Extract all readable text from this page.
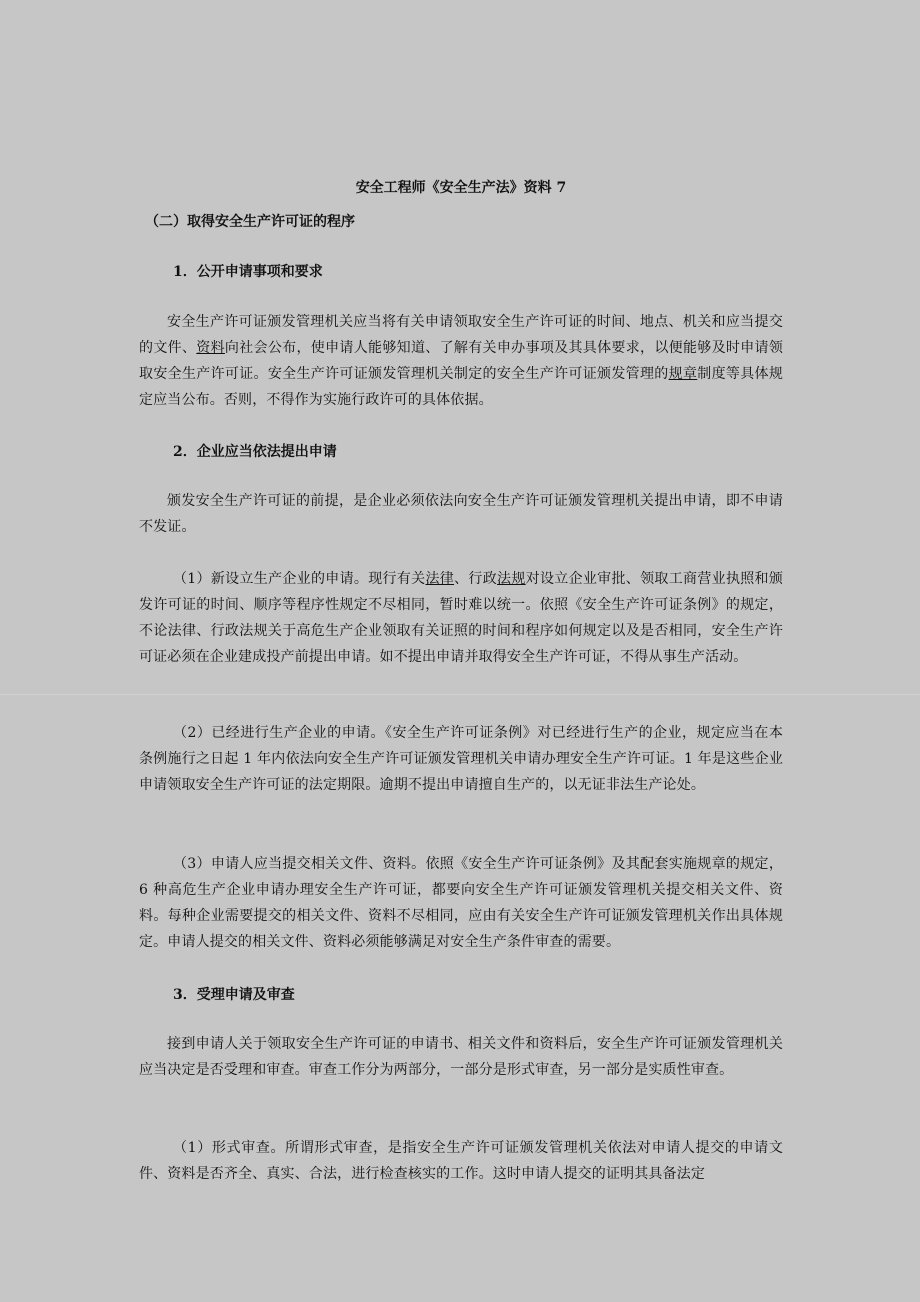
安全工程师《安全生产法》资料 7
（二）取得安全生产许可证的程序
1．公开申请事项和要求

安全生产许可证颁发管理机关应当将有关申请领取安全生产许可证的时间、地点、机关和应当提交的文件、资料向社会公布，使申请人能够知道、了解有关申办事项及其具体要求，以便能够及时申请领取安全生产许可证。安全生产许可证颁发管理机关制定的安全生产许可证颁发管理的规章制度等具体规定应当公布。否则，不得作为实施行政许可的具体依据。

2．企业应当依法提出申请

颁发安全生产许可证的前提，是企业必须依法向安全生产许可证颁发管理机关提出申请，即不申请不发证。

（1）新设立生产企业的申请。现行有关法律、行政法规对设立企业审批、领取工商营业执照和颁发许可证的时间、顺序等程序性规定不尽相同，暂时难以统一。依照《安全生产许可证条例》的规定，不论法律、行政法规关于高危生产企业领取有关证照的时间和程序如何规定以及是否相同，安全生产许可证必须在企业建成投产前提出申请。如不提出申请并取得安全生产许可证，不得从事生产活动。

（2）已经进行生产企业的申请。《安全生产许可证条例》对已经进行生产的企业，规定应当在本条例施行之日起 1 年内依法向安全生产许可证颁发管理机关申请办理安全生产许可证。1 年是这些企业申请领取安全生产许可证的法定期限。逾期不提出申请擅自生产的，以无证非法生产论处。

（3）申请人应当提交相关文件、资料。依照《安全生产许可证条例》及其配套实施规章的规定，6 种高危生产企业申请办理安全生产许可证，都要向安全生产许可证颁发管理机关提交相关文件、资料。每种企业需要提交的相关文件、资料不尽相同，应由有关安全生产许可证颁发管理机关作出具体规定。申请人提交的相关文件、资料必须能够满足对安全生产条件审查的需要。

3．受理申请及审查

接到申请人关于领取安全生产许可证的申请书、相关文件和资料后，安全生产许可证颁发管理机关应当决定是否受理和审查。审查工作分为两部分，一部分是形式审查，另一部分是实质性审查。

（1）形式审查。所谓形式审查，是指安全生产许可证颁发管理机关依法对申请人提交的申请文件、资料是否齐全、真实、合法，进行检查核实的工作。这时申请人提交的证明其具备法定
